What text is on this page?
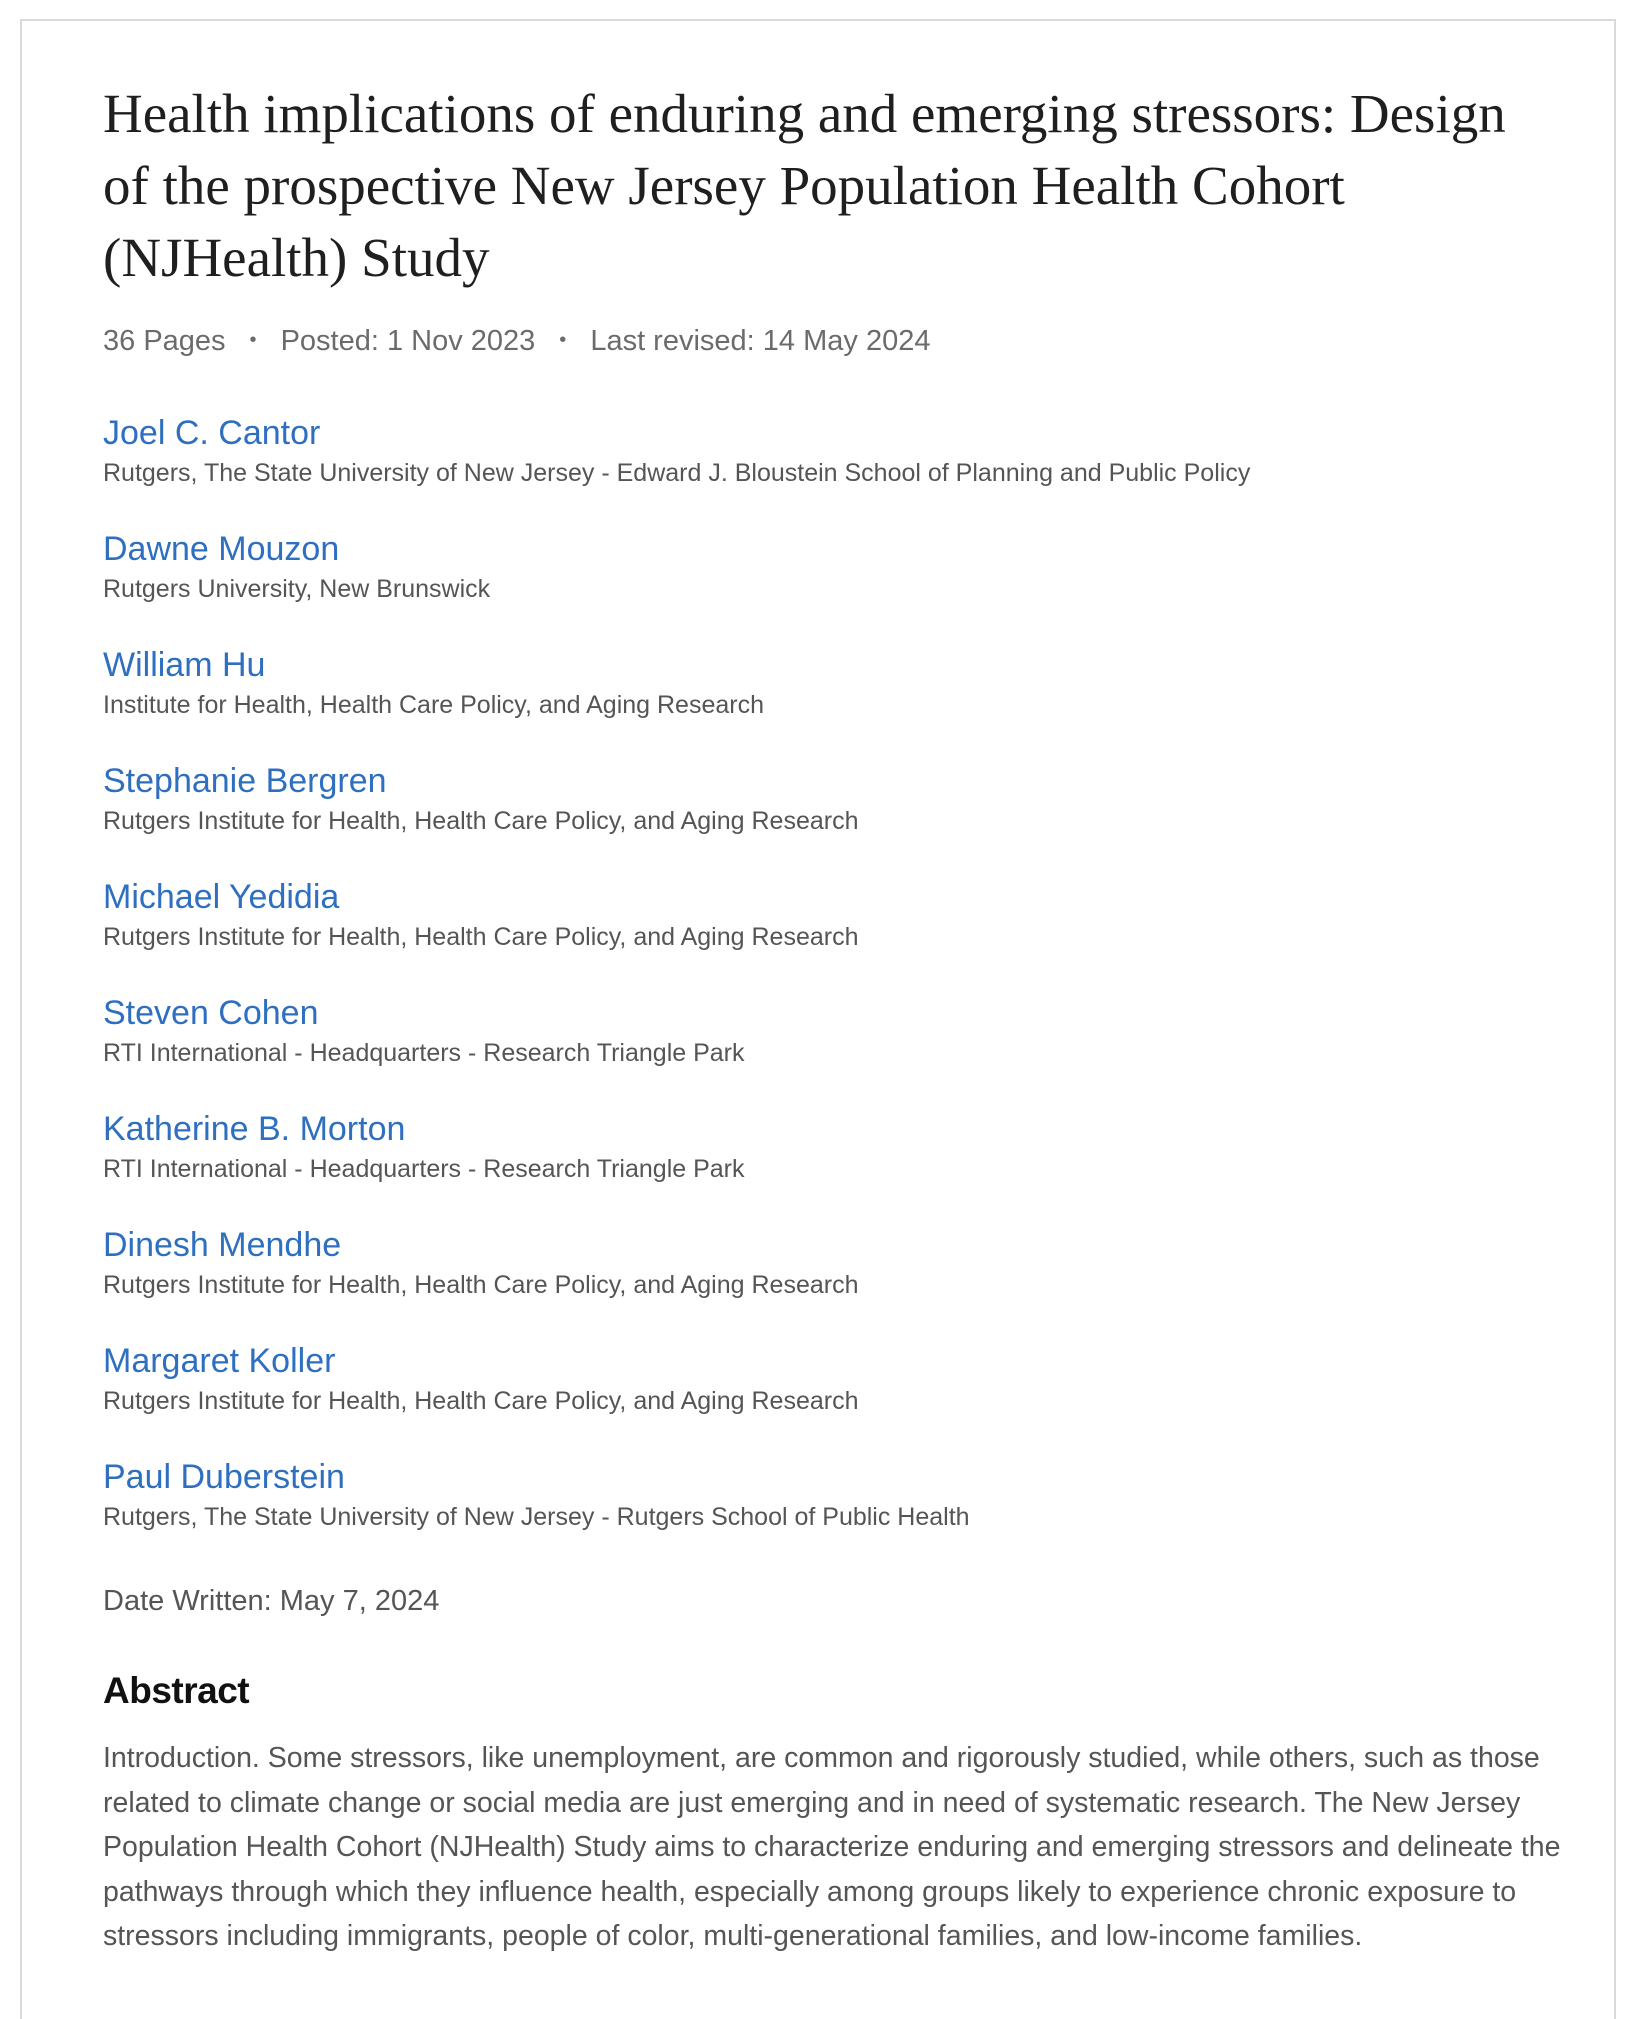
Health implications of enduring and emerging stressors: Design of the prospective New Jersey Population Health Cohort (NJHealth) Study
36 Pages • Posted: 1 Nov 2023 • Last revised: 14 May 2024
Joel C. Cantor
Rutgers, The State University of New Jersey - Edward J. Bloustein School of Planning and Public Policy
Dawne Mouzon
Rutgers University, New Brunswick
William Hu
Institute for Health, Health Care Policy, and Aging Research
Stephanie Bergren
Rutgers Institute for Health, Health Care Policy, and Aging Research
Michael Yedidia
Rutgers Institute for Health, Health Care Policy, and Aging Research
Steven Cohen
RTI International - Headquarters - Research Triangle Park
Katherine B. Morton
RTI International - Headquarters - Research Triangle Park
Dinesh Mendhe
Rutgers Institute for Health, Health Care Policy, and Aging Research
Margaret Koller
Rutgers Institute for Health, Health Care Policy, and Aging Research
Paul Duberstein
Rutgers, The State University of New Jersey - Rutgers School of Public Health
Date Written: May 7, 2024
Abstract

Introduction. Some stressors, like unemployment, are common and rigorously studied, while others, such as those related to climate change or social media are just emerging and in need of systematic research. The New Jersey Population Health Cohort (NJHealth) Study aims to characterize enduring and emerging stressors and delineate the pathways through which they influence health, especially among groups likely to experience chronic exposure to stressors including immigrants, people of color, multi-generational families, and low-income families.
